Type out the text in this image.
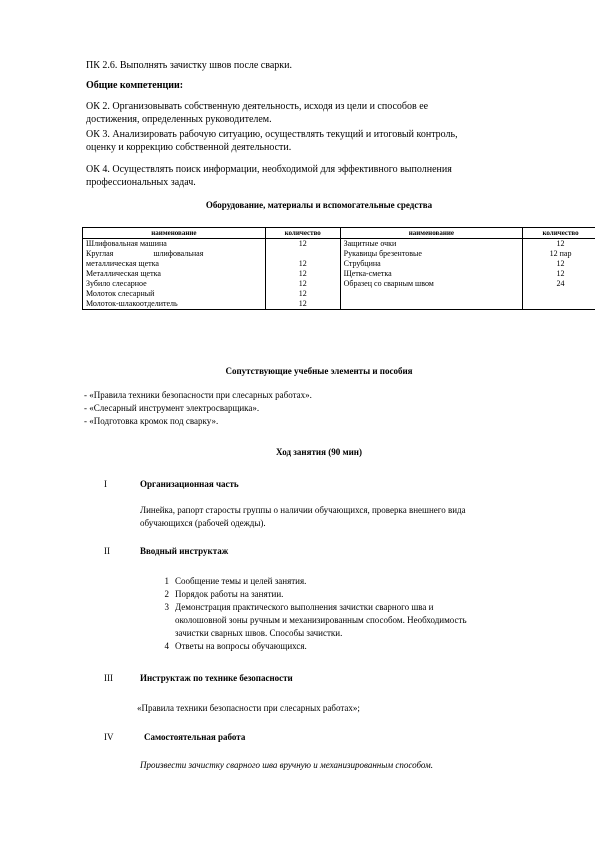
ПК 2.6. Выполнять зачистку швов после сварки.

Общие компетенции:

ОК 2. Организовывать собственную деятельность, исходя из цели и способов ее

достижения, определенных руководителем.

ОК 3. Анализировать рабочую ситуацию, осуществлять текущий и итоговый контроль,

оценку и коррекцию собственной деятельности.

ОК 4. Осуществлять поиск информации, необходимой для эффективного выполнения

профессиональных задач.

Оборудование, материалы и вспомогательные средства

наименование	количество	наименование	количество
Шлифовальная машина	12	Защитные очки	12
Круглая                    шлифовальная		Рукавицы брезентовые	12 пар
металлическая щетка	12	Струбцина	12
Металлическая щетка	12	Щетка-сметка	12
Зубило слесарное	12	Образец со сварным швом	24
Молоток слесарный	12		
Молоток-шлакоотделитель	12		

Сопутствующие учебные элементы и пособия

- «Правила техники безопасности при слесарных работах».

- «Слесарный инструмент электросварщика».

- «Подготовка кромок под сварку».

Ход занятия (90 мин)

I	Организационная часть

Линейка, рапорт старосты группы о наличии обучающихся, проверка внешнего вида

обучающихся (рабочей одежды).

II	Вводный инструктаж
1 Сообщение темы и целей занятия.
2 Порядок работы на занятии.
3 Демонстрация практического выполнения зачистки сварного шва и
околошовной зоны ручным и механизированным способом. Необходимость
зачистки сварных швов. Способы зачистки.
4 Ответы на вопросы обучающихся.
III	Инструктаж по технике безопасности

«Правила техники безопасности при слесарных работах»;

IV	Самостоятельная работа

Произвести зачистку сварного шва вручную и механизированным способом.
